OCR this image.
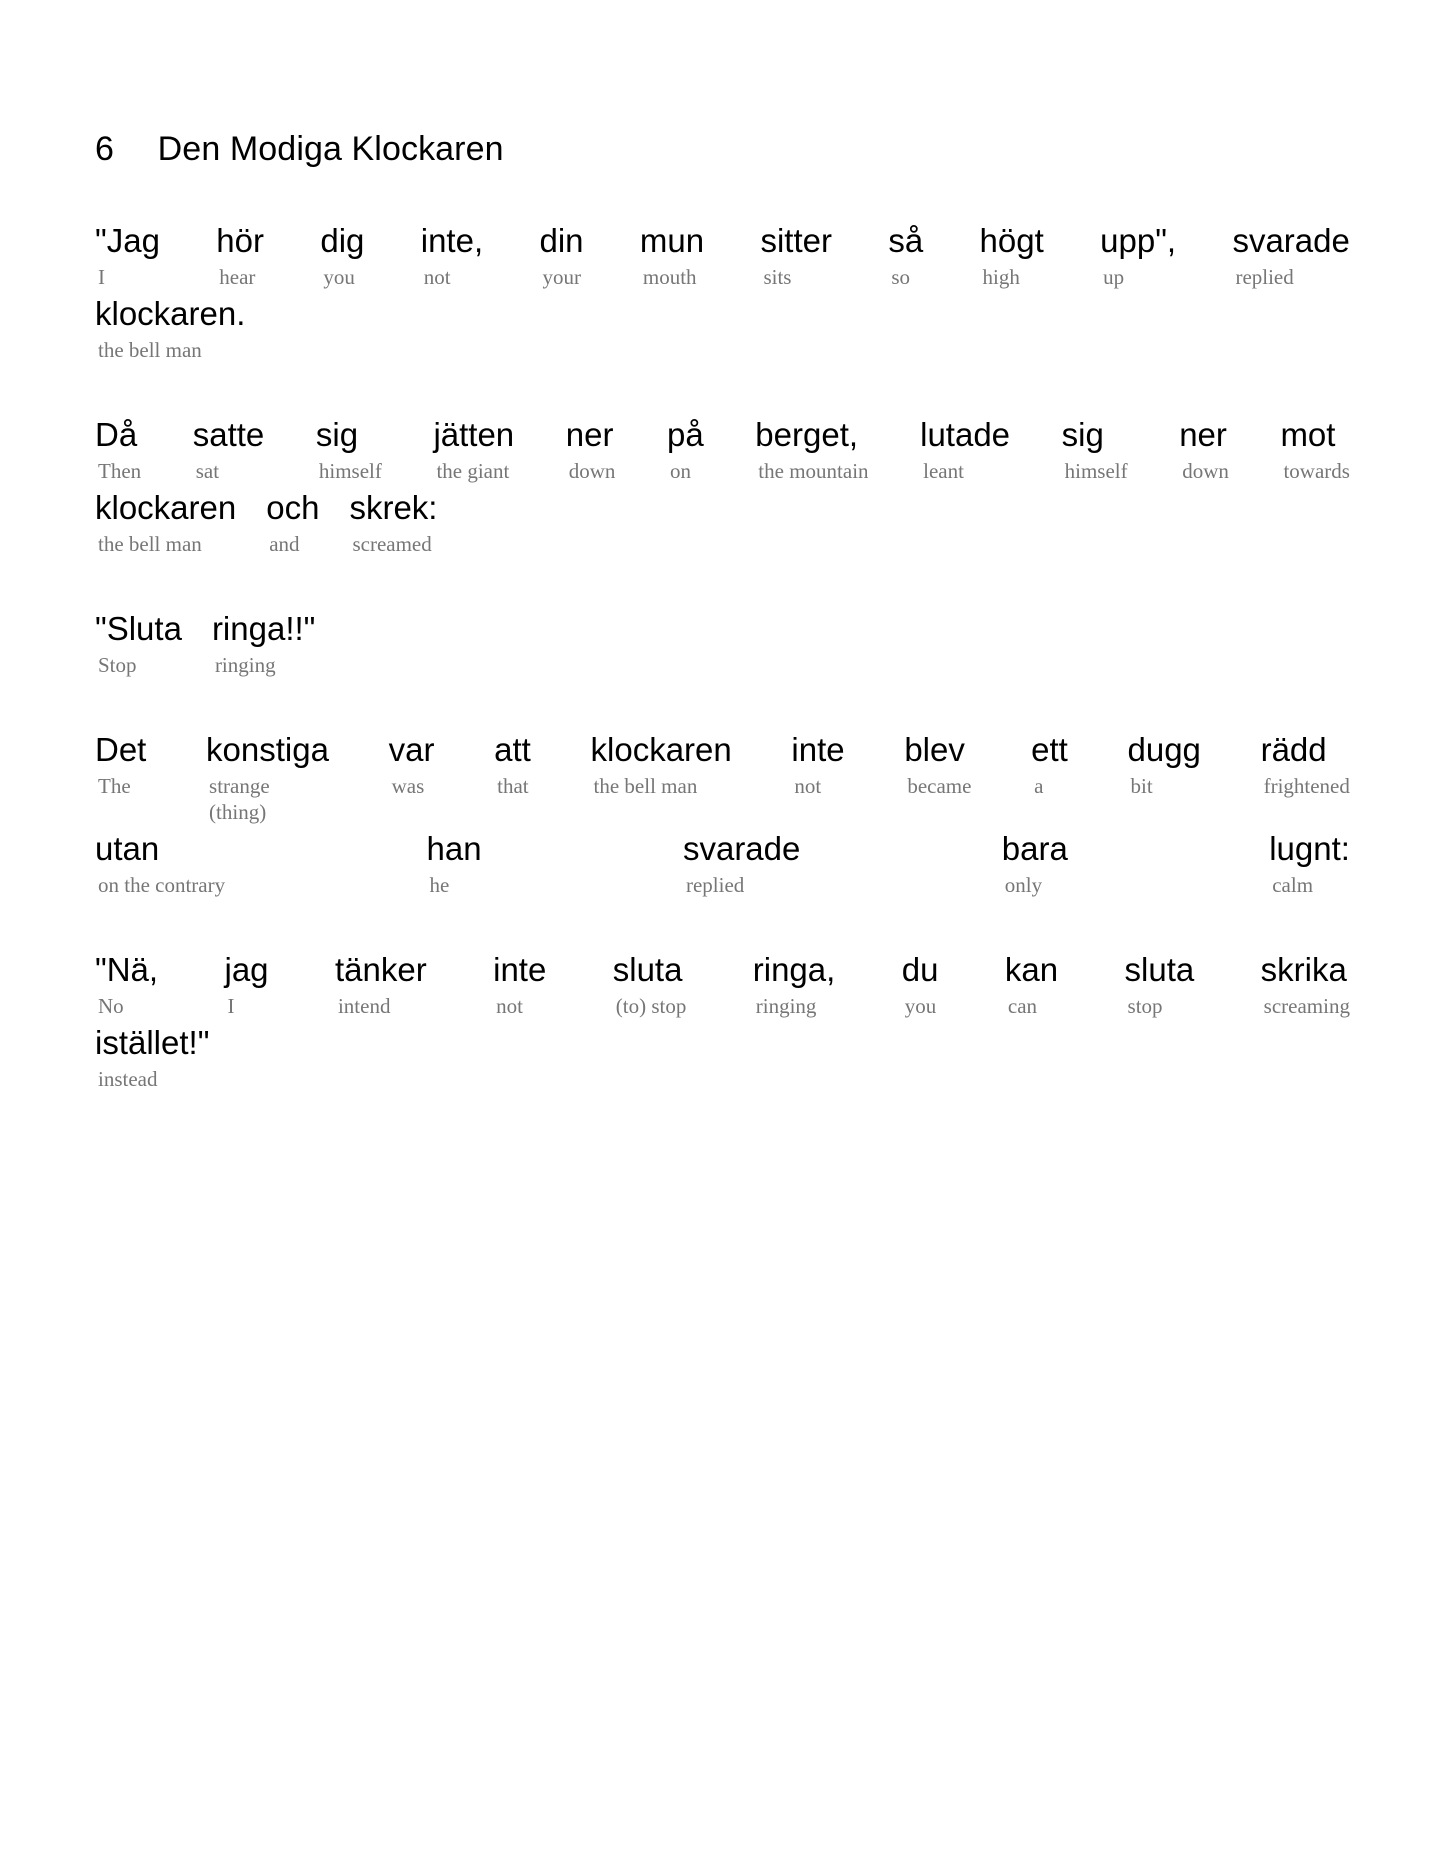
6  Den Modiga Klockaren
"Jag
I
hör
hear
dig
you
inte,
not
din
your
mun
mouth
sitter
sits
så
so
högt
high
upp",
up
svarade
replied
klockaren.
the bell man
Då
Then
satte
sat
sig
himself
jätten
the giant
ner
down
på
on
berget,
the mountain
lutade
leant
sig
himself
ner
down
mot
towards
klockaren
the bell man
och
and
skrek:
screamed
"Sluta
Stop
ringa!!"
ringing
Det
The
konstiga
strange
(thing)
var
was
att
that
klockaren
the bell man
inte
not
blev
became
ett
a
dugg
bit
rädd
frightened
utan
on the contrary
han
he
svarade
replied
bara
only
lugnt:
calm
"Nä,
No
jag
I
tänker
intend
inte
not
sluta
(to) stop
ringa,
ringing
du
you
kan
can
sluta
stop
skrika
screaming
istället!"
instead
